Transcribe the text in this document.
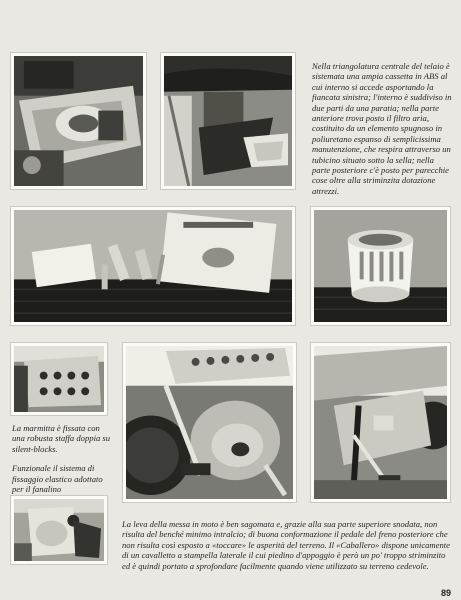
Nella triangolatura centrale del telaio è sistemata una ampia cassetta in ABS al cui interno si accede asportando la fiancata sinistra; l'interno è suddiviso in due parti da una paratia; nella parte anteriore trova posto il filtro aria, costituito da un elemento spugnoso in poliuretano espanso di semplicissima manutenzione, che respira attraverso un tubicino situato sotto la sella; nella parte posteriore c'è posto per parecchie cose oltre alla striminzita dotazione attrezzi.

La marmitta è fissata con una robusta staffa doppia su silent-blocks.

Funzionale il sistema di fissaggio elastico adottato per il fanalino

La leva della messa in moto è ben sagomata e, grazie alla sua parte superiore snodata, non risulta del benché minimo intralcio; di buona conformazione il pedale del freno posteriore che non risulta così esposto a «toccare» le asperità del terreno. Il «Caballero» dispone unicamente di un cavalletto a stampella laterale il cui piedino d'appoggio è però un po' troppo striminzito ed è quindi portato a sprofondare facilmente quando viene utilizzato su terreno cedevole.
89
